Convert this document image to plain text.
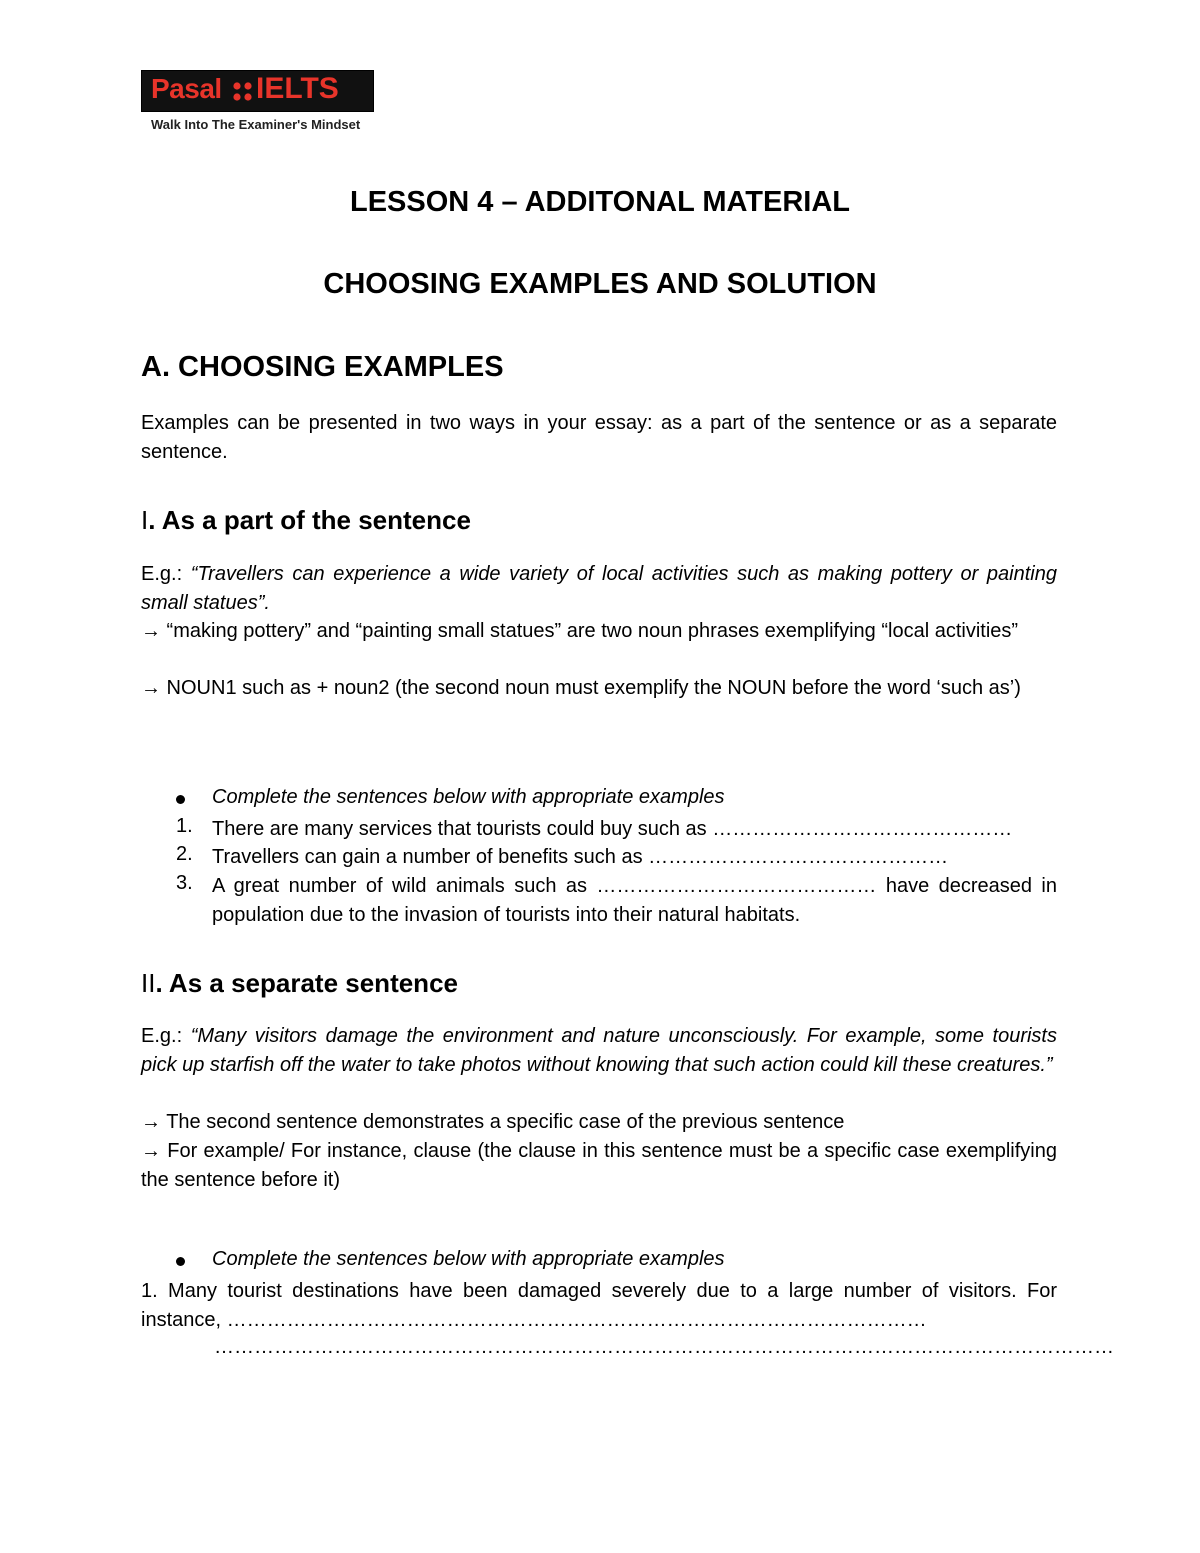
Pasal IELTS
Walk Into The Examiner's Mindset
LESSON 4 – ADDITONAL MATERIAL
CHOOSING EXAMPLES AND SOLUTION
A. CHOOSING EXAMPLES
Examples can be presented in two ways in your essay: as a part of the sentence or as a separate sentence.
I. As a part of the sentence
E.g.: “Travellers can experience a wide variety of local activities such as making pottery or painting small statues”.
→ “making pottery” and “painting small statues” are two noun phrases exemplifying “local activities”
→ NOUN1 such as + noun2 (the second noun must exemplify the NOUN before the word ‘such as’)
Complete the sentences below with appropriate examples
1. There are many services that tourists could buy such as ………………………………………
2. Travellers can gain a number of benefits such as ………………………………………
3. A great number of wild animals such as …………………………………… have decreased in population due to the invasion of tourists into their natural habitats.
II. As a separate sentence
E.g.: “Many visitors damage the environment and nature unconsciously. For example, some tourists pick up starfish off the water to take photos without knowing that such action could kill these creatures.”
→ The second sentence demonstrates a specific case of the previous sentence
→ For example/ For instance, clause (the clause in this sentence must be a specific case exemplifying the sentence before it)
Complete the sentences below with appropriate examples
1. Many tourist destinations have been damaged severely due to a large number of visitors. For instance, ……………………………………………………………………………………………
………………………………………………………………………………………………………………………
